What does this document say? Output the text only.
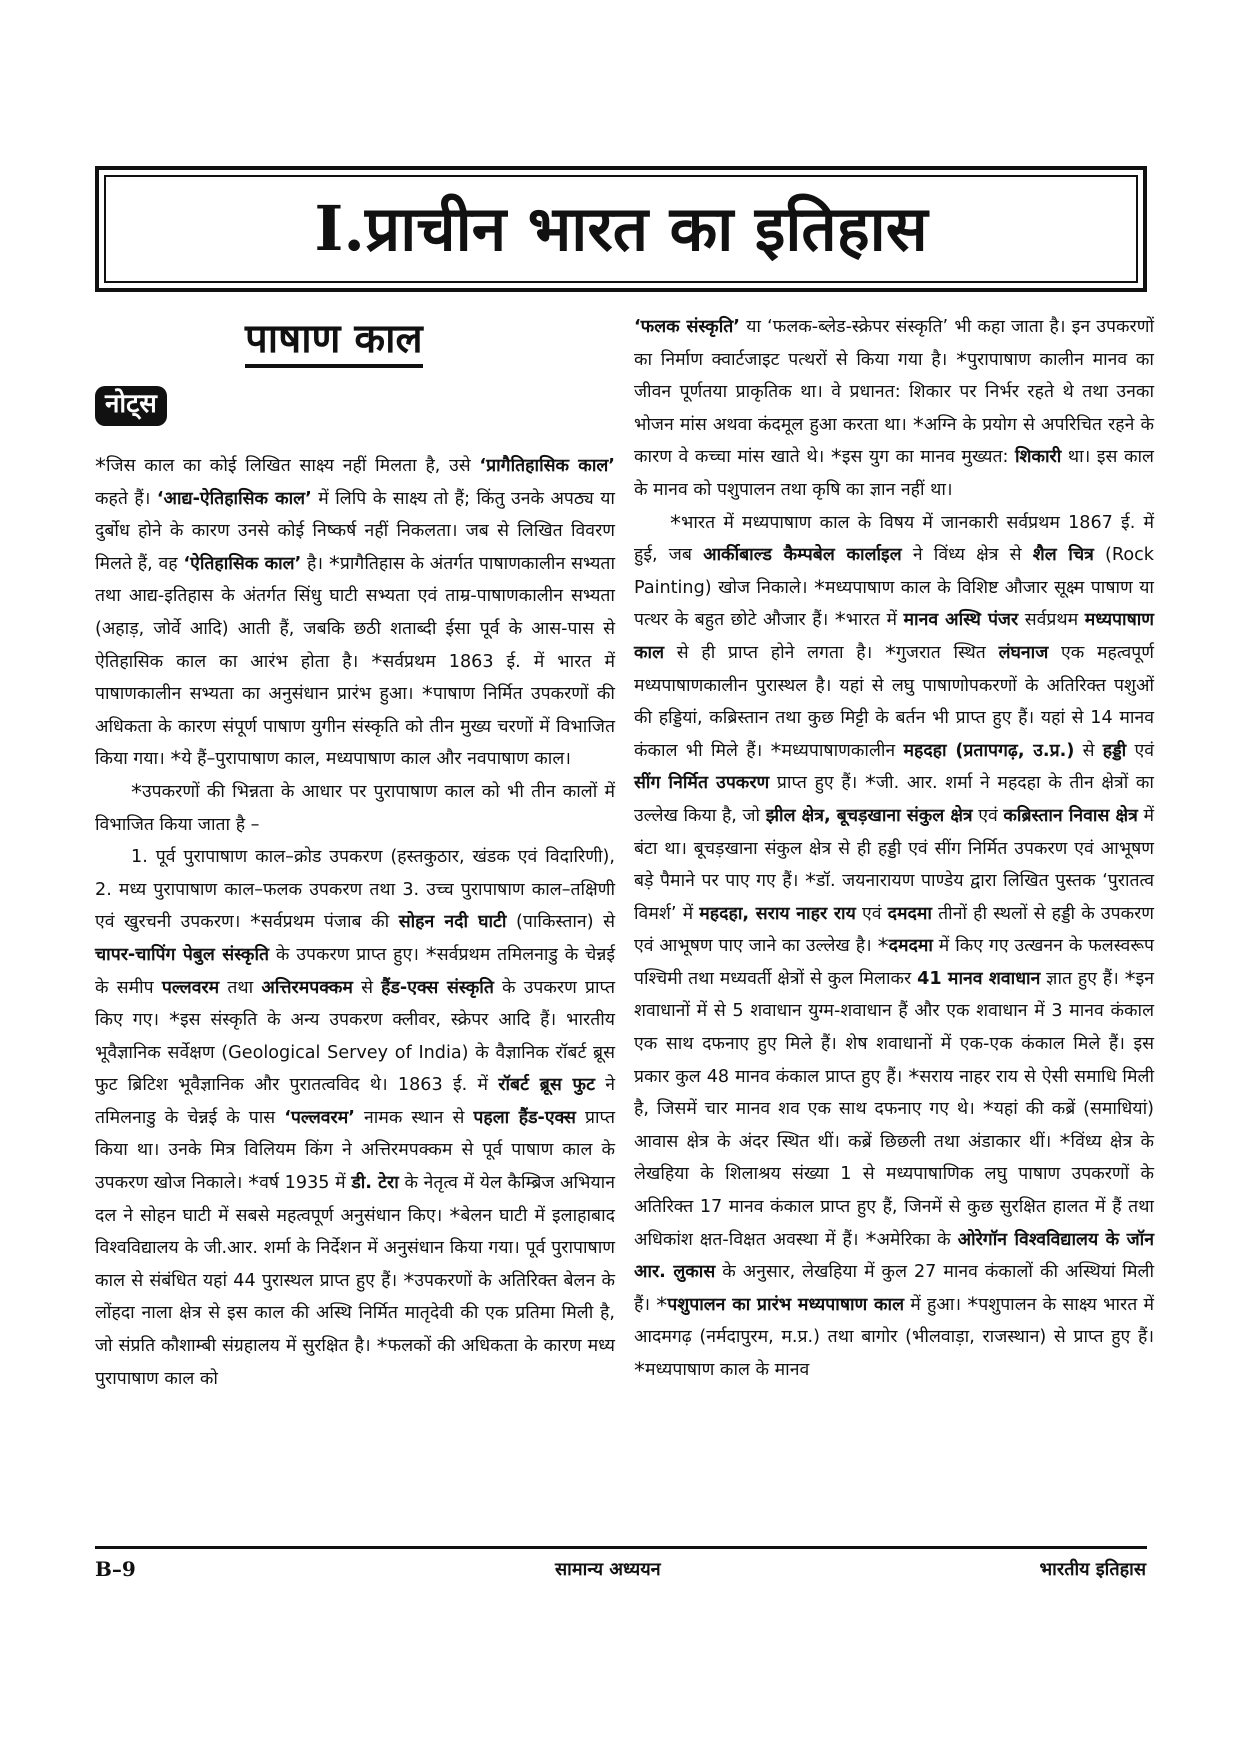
I.प्राचीन भारत का इतिहास
पाषाण काल
नोट्स

*जिस काल का कोई लिखित साक्ष्य नहीं मिलता है, उसे ‘प्रागैतिहासिक काल’ कहते हैं। ‘आद्य-ऐतिहासिक काल’ में लिपि के साक्ष्य तो हैं; किंतु उनके अपठ्य या दुर्बोध होने के कारण उनसे कोई निष्कर्ष नहीं निकलता। जब से लिखित विवरण मिलते हैं, वह ‘ऐतिहासिक काल’ है। *प्रागैतिहास के अंतर्गत पाषाणकालीन सभ्यता तथा आद्य-इतिहास के अंतर्गत सिंधु घाटी सभ्यता एवं ताम्र-पाषाणकालीन सभ्यता (अहाड़, जोर्वे आदि) आती हैं, जबकि छठी शताब्दी ईसा पूर्व के आस-पास से ऐतिहासिक काल का आरंभ होता है। *सर्वप्रथम 1863 ई. में भारत में पाषाणकालीन सभ्यता का अनुसंधान प्रारंभ हुआ। *पाषाण निर्मित उपकरणों की अधिकता के कारण संपूर्ण पाषाण युगीन संस्कृति को तीन मुख्य चरणों में विभाजित किया गया। *ये हैं–पुरापाषाण काल, मध्यपाषाण काल और नवपाषाण काल।

*उपकरणों की भिन्नता के आधार पर पुरापाषाण काल को भी तीन कालों में विभाजित किया जाता है –

1. पूर्व पुरापाषाण काल–क्रोड उपकरण (हस्तकुठार, खंडक एवं विदारिणी), 2. मध्य पुरापाषाण काल–फलक उपकरण तथा 3. उच्च पुरापाषाण काल–तक्षिणी एवं खुरचनी उपकरण। *सर्वप्रथम पंजाब की सोहन नदी घाटी (पाकिस्तान) से चापर-चापिंग पेबुल संस्कृति के उपकरण प्राप्त हुए। *सर्वप्रथम तमिलनाडु के चेन्नई के समीप पल्लवरम तथा अत्तिरमपक्कम से हैंड-एक्स संस्कृति के उपकरण प्राप्त किए गए। *इस संस्कृति के अन्य उपकरण क्लीवर, स्क्रेपर आदि हैं। भारतीय भूवैज्ञानिक सर्वेक्षण (Geological Servey of India) के वैज्ञानिक रॉबर्ट ब्रूस फुट ब्रिटिश भूवैज्ञानिक और पुरातत्वविद थे। 1863 ई. में रॉबर्ट ब्रूस फुट ने तमिलनाडु के चेन्नई के पास ‘पल्लवरम’ नामक स्थान से पहला हैंड-एक्स प्राप्त किया था। उनके मित्र विलियम किंग ने अत्तिरमपक्कम से पूर्व पाषाण काल के उपकरण खोज निकाले। *वर्ष 1935 में डी. टेरा के नेतृत्व में येल कैम्ब्रिज अभियान दल ने सोहन घाटी में सबसे महत्वपूर्ण अनुसंधान किए। *बेलन घाटी में इलाहाबाद विश्वविद्यालय के जी.आर. शर्मा के निर्देशन में अनुसंधान किया गया। पूर्व पुरापाषाण काल से संबंधित यहां 44 पुरास्थल प्राप्त हुए हैं। *उपकरणों के अतिरिक्त बेलन के लोंहदा नाला क्षेत्र से इस काल की अस्थि निर्मित मातृदेवी की एक प्रतिमा मिली है, जो संप्रति कौशाम्बी संग्रहालय में सुरक्षित है। *फलकों की अधिकता के कारण मध्य पुरापाषाण काल को

‘फलक संस्कृति’ या ‘फलक-ब्लेड-स्क्रेपर संस्कृति’ भी कहा जाता है। इन उपकरणों का निर्माण क्वार्टजाइट पत्थरों से किया गया है। *पुरापाषाण कालीन मानव का जीवन पूर्णतया प्राकृतिक था। वे प्रधानत: शिकार पर निर्भर रहते थे तथा उनका भोजन मांस अथवा कंदमूल हुआ करता था। *अग्नि के प्रयोग से अपरिचित रहने के कारण वे कच्चा मांस खाते थे। *इस युग का मानव मुख्यत: शिकारी था। इस काल के मानव को पशुपालन तथा कृषि का ज्ञान नहीं था।

*भारत में मध्यपाषाण काल के विषय में जानकारी सर्वप्रथम 1867 ई. में हुई, जब आर्कीबाल्ड कैम्पबेल कार्लाइल ने विंध्य क्षेत्र से शैल चित्र (Rock Painting) खोज निकाले। *मध्यपाषाण काल के विशिष्ट औजार सूक्ष्म पाषाण या पत्थर के बहुत छोटे औजार हैं। *भारत में मानव अस्थि पंजर सर्वप्रथम मध्यपाषाण काल से ही प्राप्त होने लगता है। *गुजरात स्थित लंघनाज एक महत्वपूर्ण मध्यपाषाणकालीन पुरास्थल है। यहां से लघु पाषाणोपकरणों के अतिरिक्त पशुओं की हड्डियां, कब्रिस्तान तथा कुछ मिट्टी के बर्तन भी प्राप्त हुए हैं। यहां से 14 मानव कंकाल भी मिले हैं। *मध्यपाषाणकालीन महदहा (प्रतापगढ़, उ.प्र.) से हड्डी एवं सींग निर्मित उपकरण प्राप्त हुए हैं। *जी. आर. शर्मा ने महदहा के तीन क्षेत्रों का उल्लेख किया है, जो झील क्षेत्र, बूचड़खाना संकुल क्षेत्र एवं कब्रिस्तान निवास क्षेत्र में बंटा था। बूचड़खाना संकुल क्षेत्र से ही हड्डी एवं सींग निर्मित उपकरण एवं आभूषण बड़े पैमाने पर पाए गए हैं। *डॉ. जयनारायण पाण्डेय द्वारा लिखित पुस्तक ‘पुरातत्व विमर्श’ में महदहा, सराय नाहर राय एवं दमदमा तीनों ही स्थलों से हड्डी के उपकरण एवं आभूषण पाए जाने का उल्लेख है। *दमदमा में किए गए उत्खनन के फलस्वरूप पश्चिमी तथा मध्यवर्ती क्षेत्रों से कुल मिलाकर 41 मानव शवाधान ज्ञात हुए हैं। *इन शवाधानों में से 5 शवाधान युग्म-शवाधान हैं और एक शवाधान में 3 मानव कंकाल एक साथ दफनाए हुए मिले हैं। शेष शवाधानों में एक-एक कंकाल मिले हैं। इस प्रकार कुल 48 मानव कंकाल प्राप्त हुए हैं। *सराय नाहर राय से ऐसी समाधि मिली है, जिसमें चार मानव शव एक साथ दफनाए गए थे। *यहां की कब्रें (समाधियां) आवास क्षेत्र के अंदर स्थित थीं। कब्रें छिछली तथा अंडाकार थीं। *विंध्य क्षेत्र के लेखहिया के शिलाश्रय संख्या 1 से मध्यपाषाणिक लघु पाषाण उपकरणों के अतिरिक्त 17 मानव कंकाल प्राप्त हुए हैं, जिनमें से कुछ सुरक्षित हालत में हैं तथा अधिकांश क्षत-विक्षत अवस्था में हैं। *अमेरिका के ओरेगॉन विश्वविद्यालय के जॉन आर. लुकास के अनुसार, लेखहिया में कुल 27 मानव कंकालों की अस्थियां मिली हैं। *पशुपालन का प्रारंभ मध्यपाषाण काल में हुआ। *पशुपालन के साक्ष्य भारत में आदमगढ़ (नर्मदापुरम, म.प्र.) तथा बागोर (भीलवाड़ा, राजस्थान) से प्राप्त हुए हैं। *मध्यपाषाण काल के मानव

B–9	सामान्य अध्ययन	भारतीय इतिहास
